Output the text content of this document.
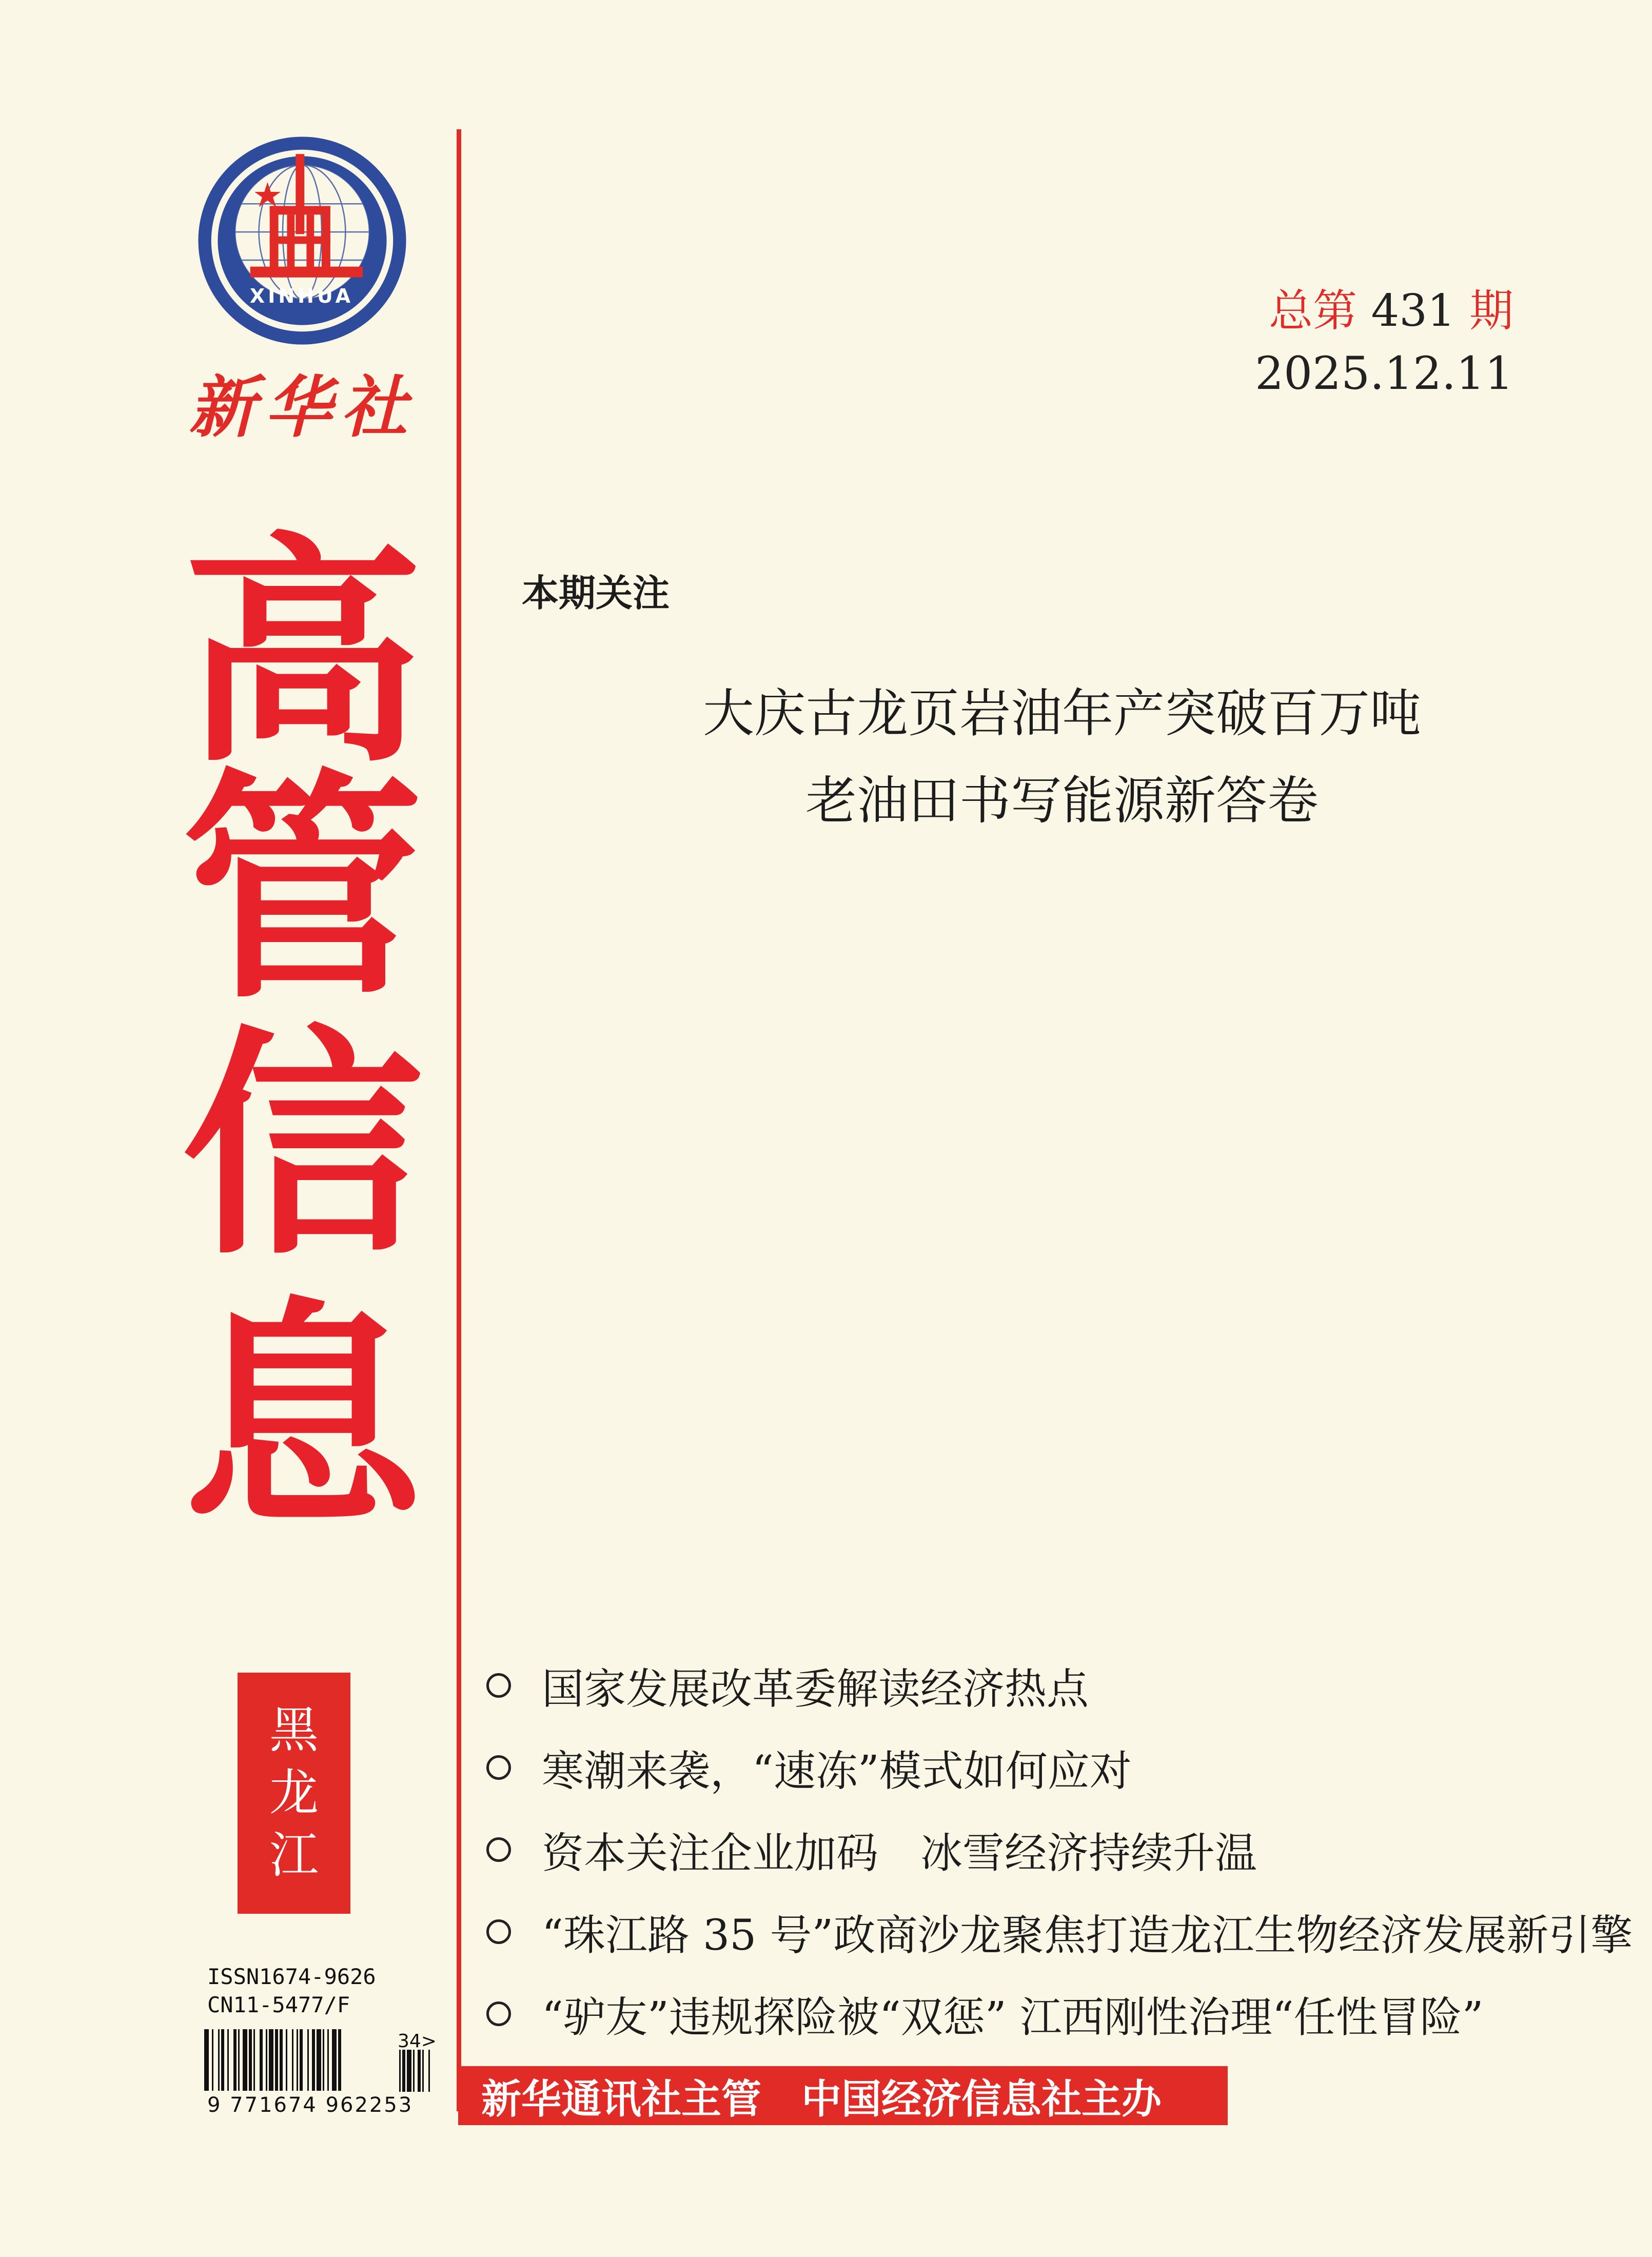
XINHUA
新华社
高
管
信
息
黑
龙
江
总第 431 期
2025.12.11
本期关注
大庆古龙页岩油年产突破百万吨
老油田书写能源新答卷
国家发展改革委解读经济热点
寒潮来袭，“速冻”模式如何应对
资本关注企业加码　冰雪经济持续升温
“珠江路 35 号”政商沙龙聚焦打造龙江生物经济发展新引擎
“驴友”违规探险被“双惩” 江西刚性治理“任性冒险”
ISSN1674-9626
CN11-5477/F
9 771674 962253
34>
新华通讯社主管　中国经济信息社主办
